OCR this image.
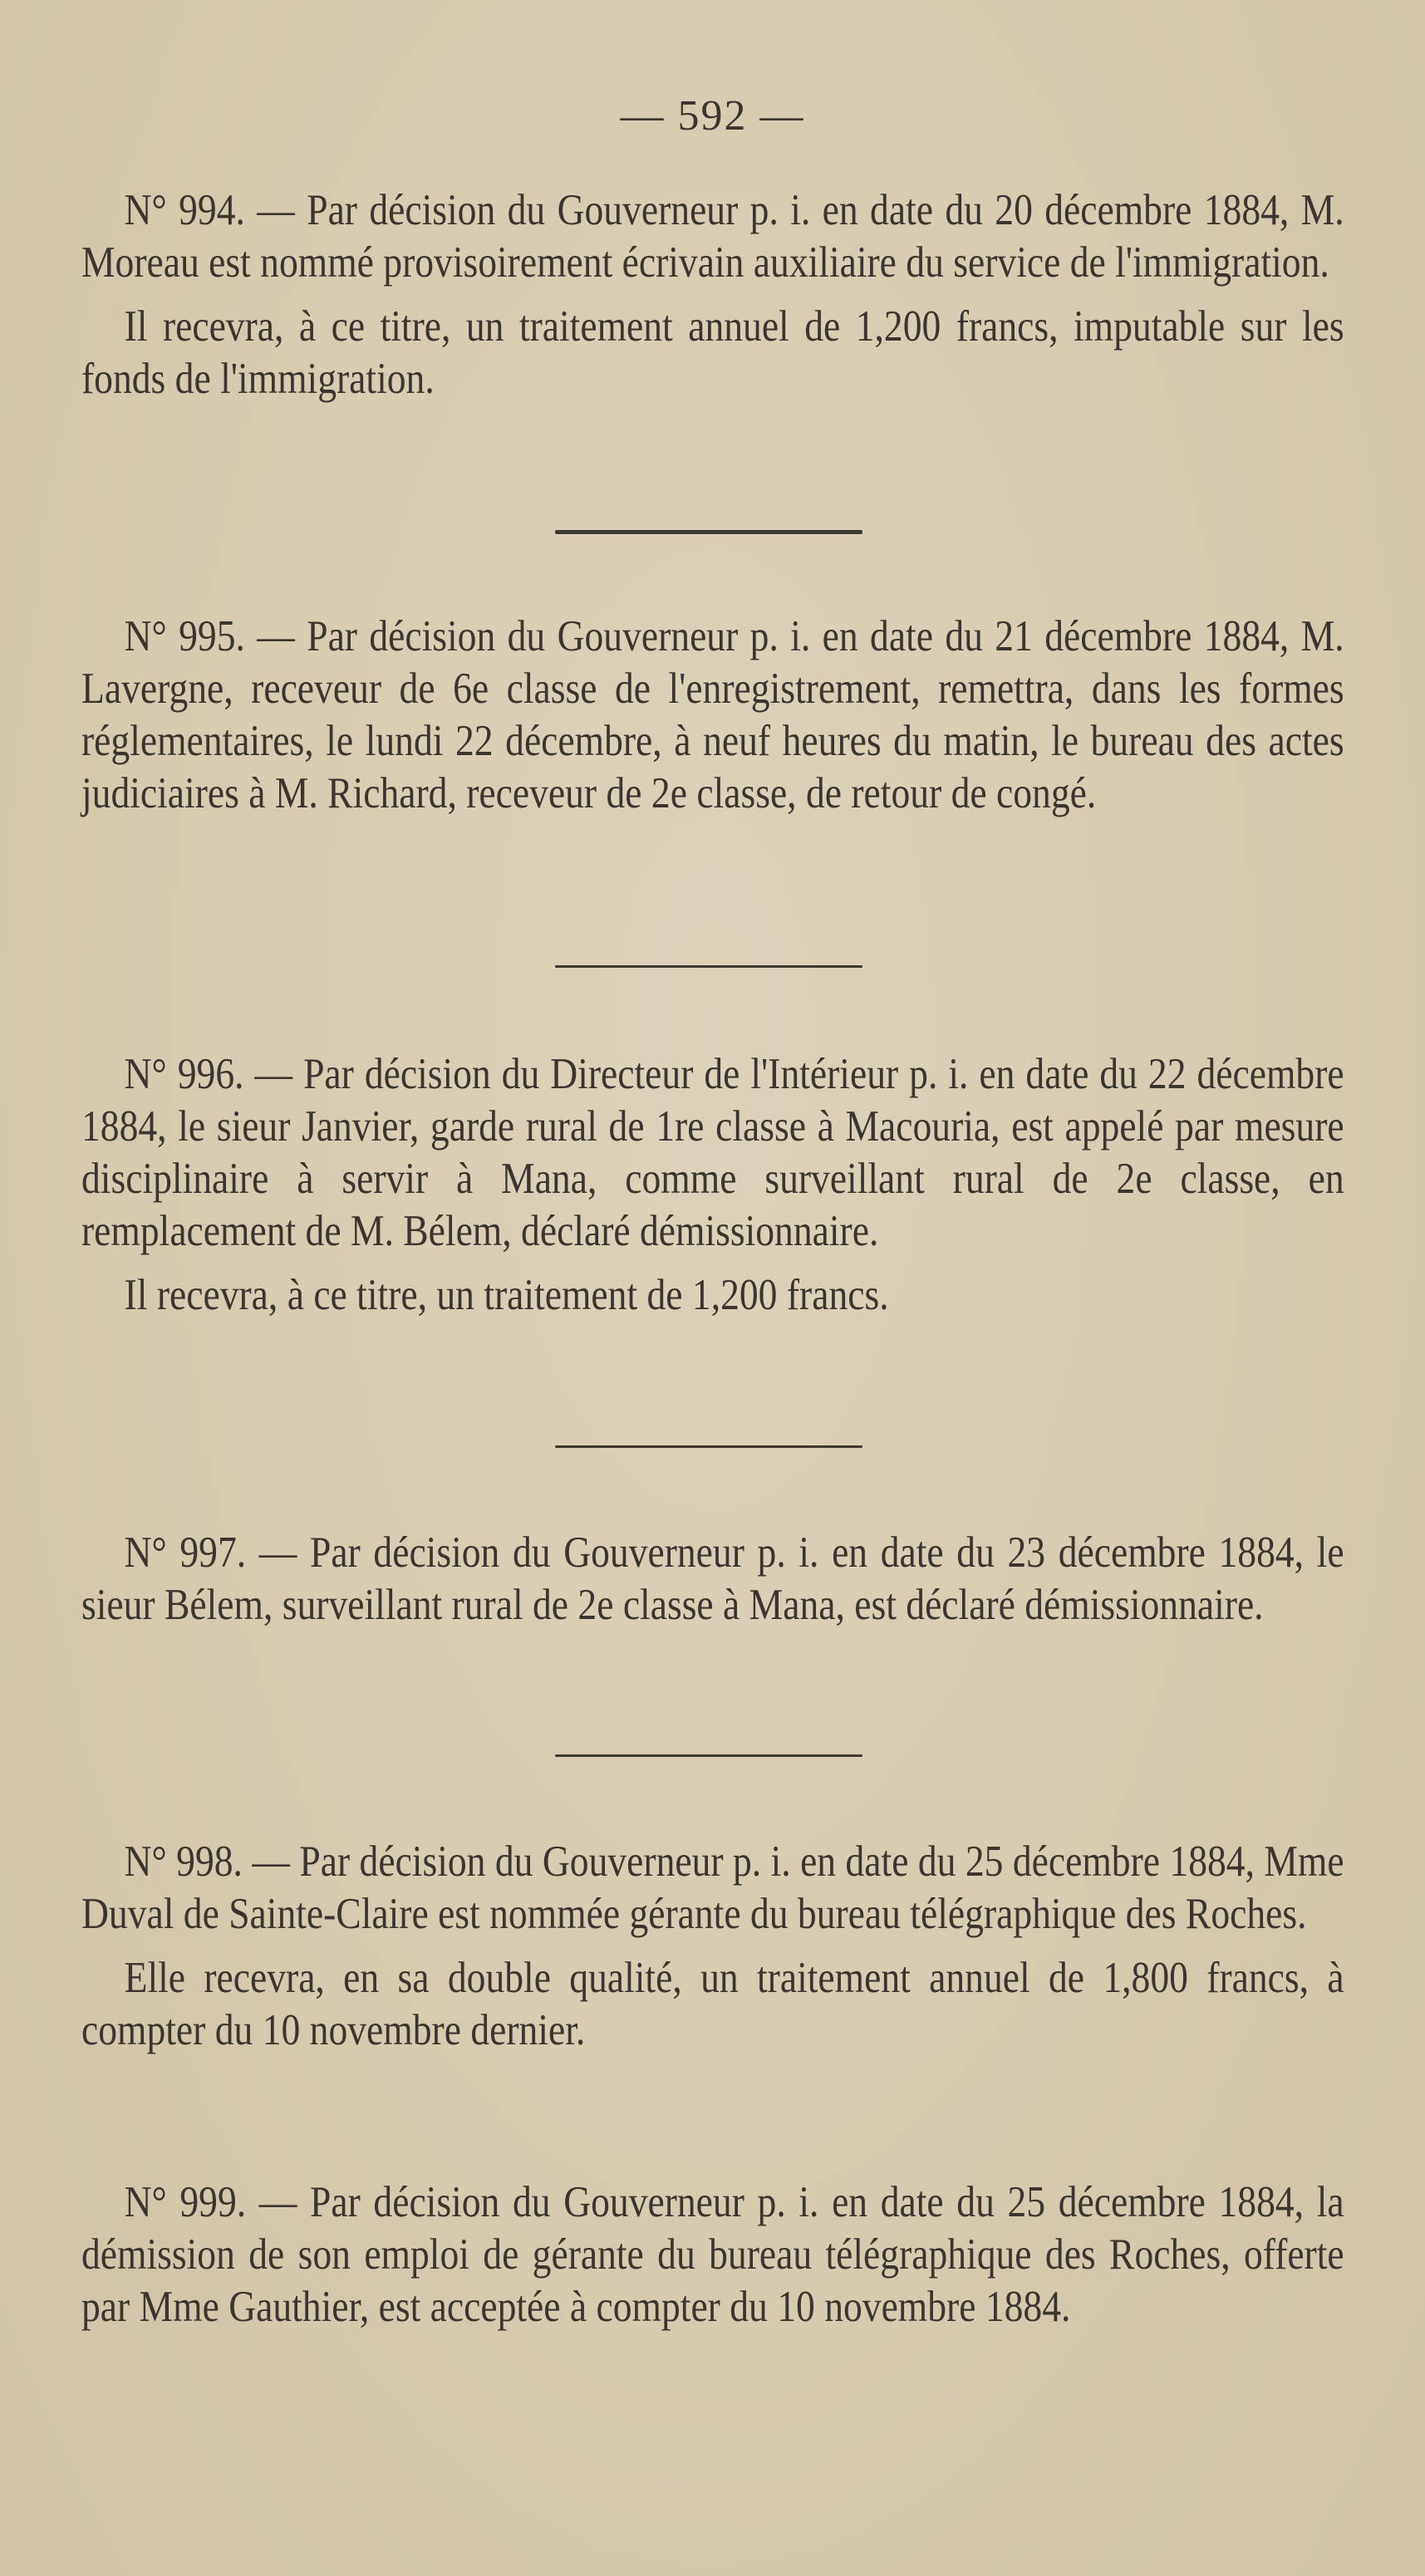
— 592 —

N° 994. — Par décision du Gouverneur p. i. en date du 20 décembre 1884, M. Moreau est nommé provisoirement écrivain auxiliaire du service de l'immigration.

Il recevra, à ce titre, un traitement annuel de 1,200 francs, imputable sur les fonds de l'immigration.

N° 995. — Par décision du Gouverneur p. i. en date du 21 décembre 1884, M. Lavergne, receveur de 6e classe de l'enregistrement, remettra, dans les formes réglementaires, le lundi 22 décembre, à neuf heures du matin, le bureau des actes judiciaires à M. Richard, receveur de 2e classe, de retour de congé.

N° 996. — Par décision du Directeur de l'Intérieur p. i. en date du 22 décembre 1884, le sieur Janvier, garde rural de 1re classe à Macouria, est appelé par mesure disciplinaire à servir à Mana, comme surveillant rural de 2e classe, en remplacement de M. Bélem, déclaré démissionnaire.

Il recevra, à ce titre, un traitement de 1,200 francs.

N° 997. — Par décision du Gouverneur p. i. en date du 23 décembre 1884, le sieur Bélem, surveillant rural de 2e classe à Mana, est déclaré démissionnaire.

N° 998. — Par décision du Gouverneur p. i. en date du 25 décembre 1884, Mme Duval de Sainte-Claire est nommée gérante du bureau télégraphique des Roches.

Elle recevra, en sa double qualité, un traitement annuel de 1,800 francs, à compter du 10 novembre dernier.

N° 999. — Par décision du Gouverneur p. i. en date du 25 décembre 1884, la démission de son emploi de gérante du bureau télégraphique des Roches, offerte par Mme Gauthier, est acceptée à compter du 10 novembre 1884.
